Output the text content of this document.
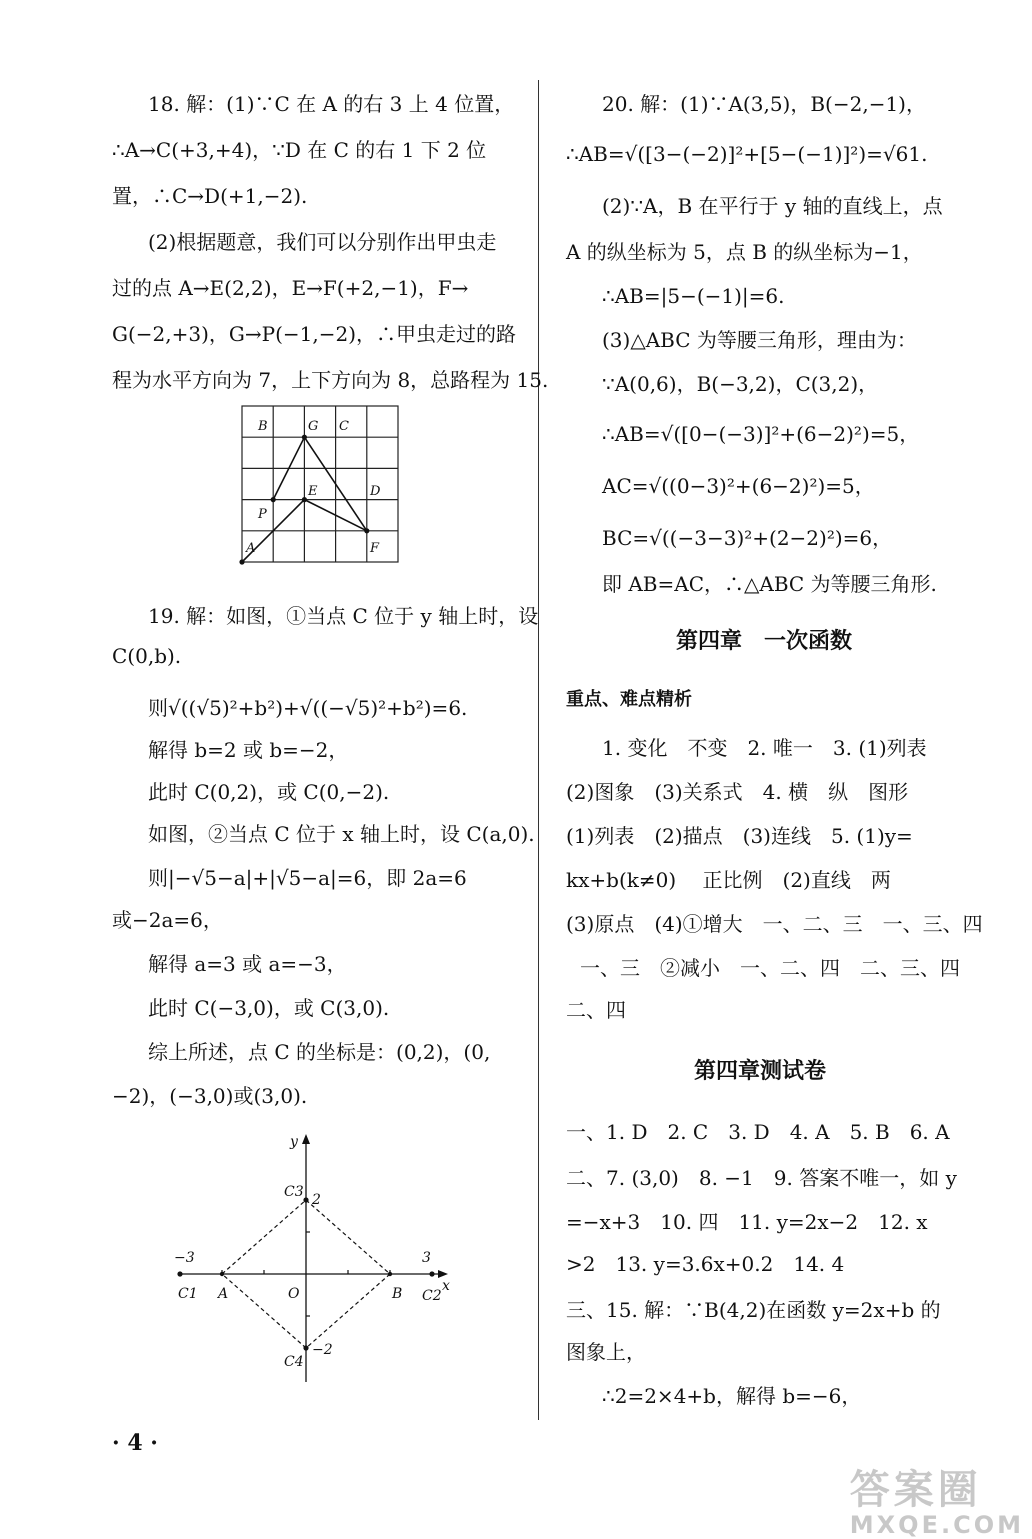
18. 解：(1)∵C 在 A 的右 3 上 4 位置，
∴A→C(+3,+4)，∵D 在 C 的右 1 下 2 位
置，∴C→D(+1,−2).
(2)根据题意，我们可以分别作出甲虫走
过的点 A→E(2,2)，E→F(+2,−1)，F→
G(−2,+3)，G→P(−1,−2)，∴甲虫走过的路
程为水平方向为 7，上下方向为 8，总路程为 15.
B	G C
E	D
P
A	F
19. 解：如图，①当点 C 位于 y 轴上时，设
C(0,b).
则√((√5)²+b²)+√((−√5)²+b²)=6.
解得 b=2 或 b=−2，
此时 C(0,2)，或 C(0,−2).
如图，②当点 C 位于 x 轴上时，设 C(a,0).
则|−√5−a|+|√5−a|=6，即 2a=6
或−2a=6，
解得 a=3 或 a=−3，
此时 C(−3,0)，或 C(3,0).
综上所述，点 C 的坐标是：(0,2)，(0,
−2)，(−3,0)或(3,0).
y
x
C3 2
C4
−2
−3	3
C1 A	O	B C2
20. 解：(1)∵A(3,5)，B(−2,−1)，
∴AB=√([3−(−2)]²+[5−(−1)]²)=√61.
(2)∵A，B 在平行于 y 轴的直线上，点
A 的纵坐标为 5，点 B 的纵坐标为−1，
∴AB=|5−(−1)|=6.
(3)△ABC 为等腰三角形，理由为：
∵A(0,6)，B(−3,2)，C(3,2)，
∴AB=√([0−(−3)]²+(6−2)²)=5，
AC=√((0−3)²+(6−2)²)=5，
BC=√((−3−3)²+(2−2)²)=6，
即 AB=AC，∴△ABC 为等腰三角形.
第四章　一次函数
重点、难点精析
1. 变化　不变　2. 唯一　3. (1)列表
(2)图象　(3)关系式　4. 横　纵　图形
(1)列表　(2)描点　(3)连线　5. (1)y=
kx+b(k≠0)　 正比例　(2)直线　两
(3)原点　(4)①增大　一、二、三　一、三、四
一、三　②减小　一、二、四　二、三、四
二、四
第四章测试卷
一、1. D　2. C　3. D　4. A　5. B　6. A
二、7. (3,0)　8. −1　9. 答案不唯一，如 y
=−x+3　10. 四　11. y=2x−2　12. x
>2　13. y=3.6x+0.2　14. 4
三、15. 解：∵B(4,2)在函数 y=2x+b 的
图象上，
∴2=2×4+b，解得 b=−6，
· 4 ·
答案圈
MXQE.COM
